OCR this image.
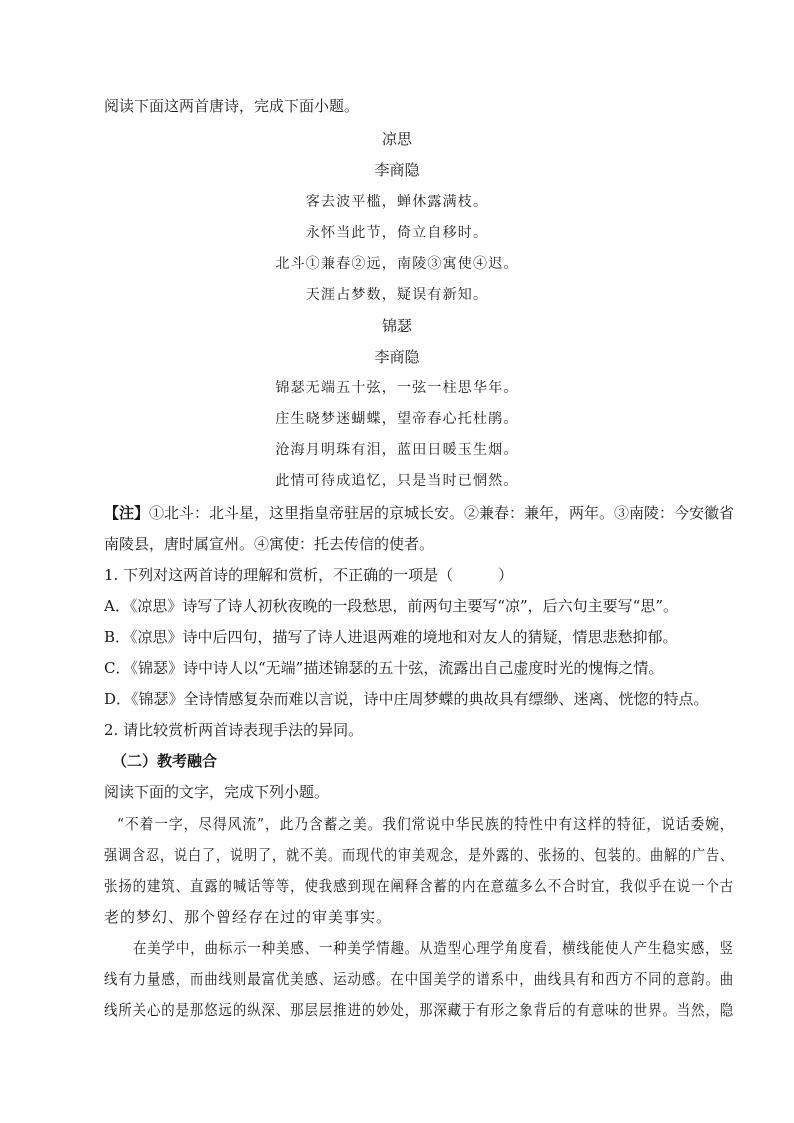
阅读下面这两首唐诗，完成下面小题。
凉思
李商隐
客去波平槛，蝉休露满枝。
永怀当此节，倚立自移时。
北斗①兼春②远，南陵③寓使④迟。
天涯占梦数，疑误有新知。
锦瑟
李商隐
锦瑟无端五十弦，一弦一柱思华年。
庄生晓梦迷蝴蝶，望帝春心托杜鹃。
沧海月明珠有泪，蓝田日暖玉生烟。
此情可待成追忆，只是当时已惘然。
【注】①北斗：北斗星，这里指皇帝驻居的京城长安。②兼春：兼年，两年。③南陵：今安徽省
南陵县，唐时属宣州。④寓使：托去传信的使者。
1. 下列对这两首诗的理解和赏析，不正确的一项是（　　　）
A．《凉思》诗写了诗人初秋夜晚的一段愁思，前两句主要写“凉”，后六句主要写“思”。
B．《凉思》诗中后四句，描写了诗人进退两难的境地和对友人的猜疑，情思悲愁抑郁。
C．《锦瑟》诗中诗人以“无端”描述锦瑟的五十弦，流露出自己虚度时光的愧悔之情。
D．《锦瑟》全诗情感复杂而难以言说，诗中庄周梦蝶的典故具有缥缈、迷离、恍惚的特点。
2. 请比较赏析两首诗表现手法的异同。
（二）教考融合
阅读下面的文字，完成下列小题。
“不着一字，尽得风流”，此乃含蓄之美。我们常说中华民族的特性中有这样的特征，说话委婉，
强调含忍，说白了，说明了，就不美。而现代的审美观念，是外露的、张扬的、包装的。曲解的广告、
张扬的建筑、直露的喊话等等，使我感到现在阐释含蓄的内在意蕴多么不合时宜，我似乎在说一个古
老的梦幻、那个曾经存在过的审美事实。
在美学中，曲标示一种美感、一种美学情趣。从造型心理学角度看，横线能使人产生稳实感，竖
线有力量感，而曲线则最富优美感、运动感。在中国美学的谱系中，曲线具有和西方不同的意韵。曲
线所关心的是那悠远的纵深、那层层推进的妙处，那深藏于有形之象背后的有意味的世界。当然，隐
